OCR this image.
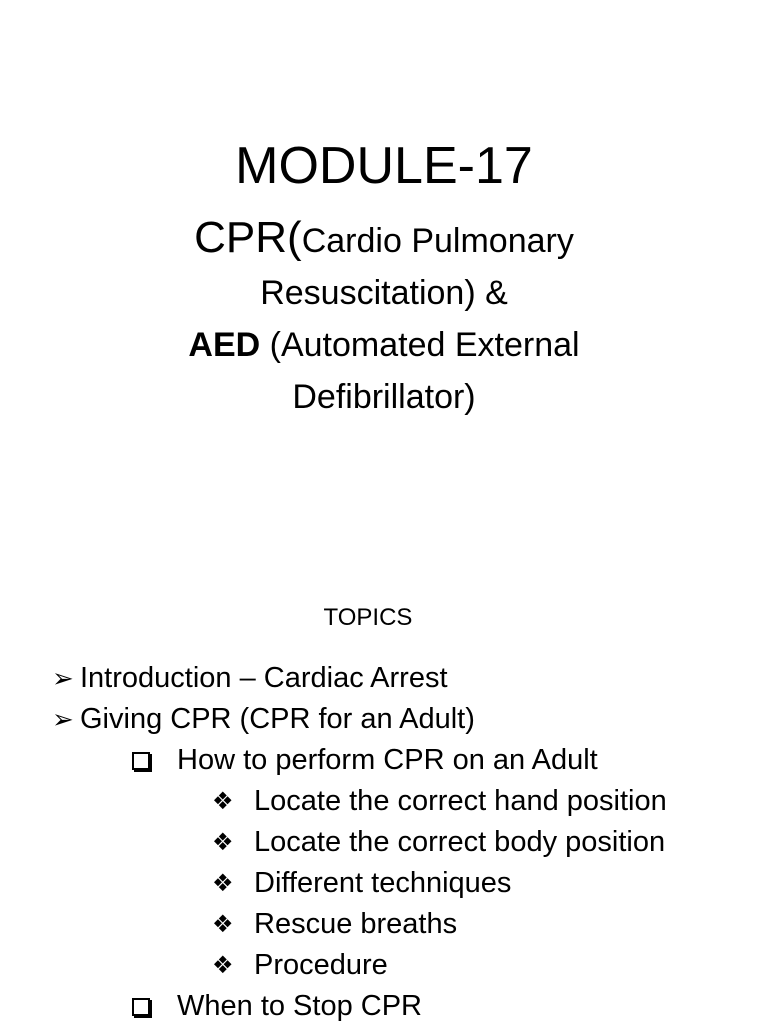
MODULE-17
CPR(Cardio Pulmonary
Resuscitation) &
AED (Automated External
Defibrillator)
TOPICS
➢ Introduction – Cardiac Arrest
➢ Giving CPR (CPR for an Adult)
How to perform CPR on an Adult
❖ Locate the correct hand position
❖ Locate the correct body position
❖ Different techniques
❖ Rescue breaths
❖ Procedure
When to Stop CPR
